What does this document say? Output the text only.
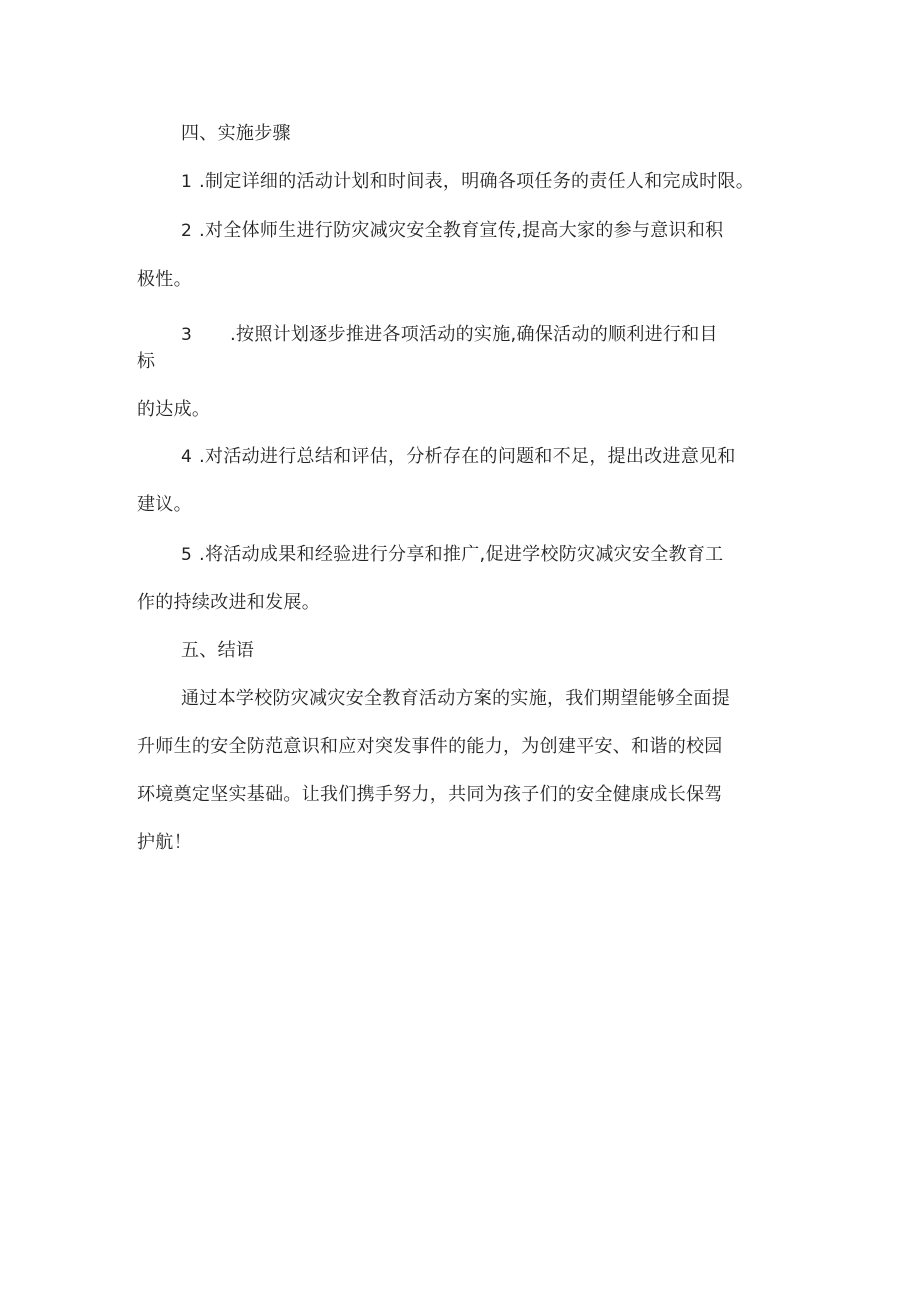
四、实施步骤
1 .制定详细的活动计划和时间表，明确各项任务的责任人和完成时限。
2 .对全体师生进行防灾减灾安全教育宣传,提高大家的参与意识和积
极性。
3 .按照计划逐步推进各项活动的实施,确保活动的顺利进行和目
标
的达成。
4 .对活动进行总结和评估，分析存在的问题和不足，提出改进意见和
建议。
5 .将活动成果和经验进行分享和推广,促进学校防灾减灾安全教育工
作的持续改进和发展。
五、结语
通过本学校防灾减灾安全教育活动方案的实施，我们期望能够全面提
升师生的安全防范意识和应对突发事件的能力，为创建平安、和谐的校园
环境奠定坚实基础。让我们携手努力，共同为孩子们的安全健康成长保驾
护航！
